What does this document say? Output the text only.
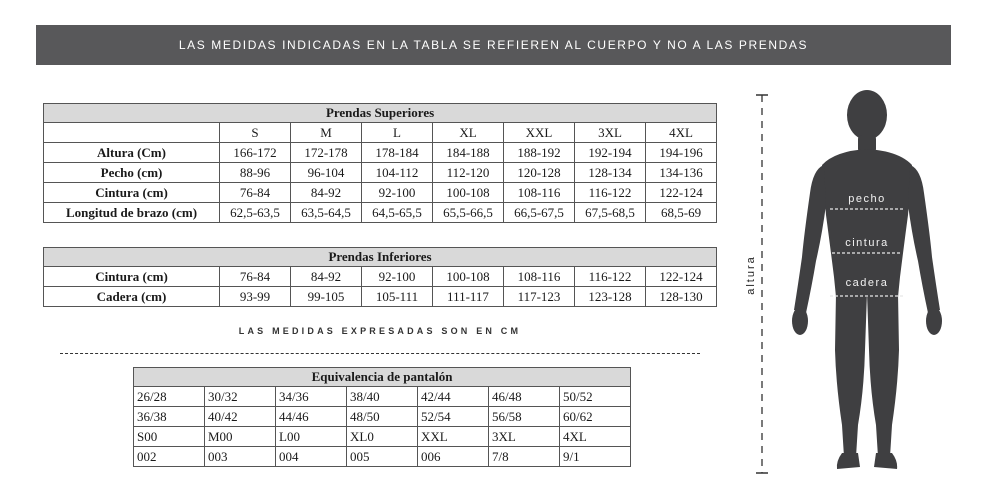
LAS MEDIDAS INDICADAS EN LA TABLA SE REFIEREN AL CUERPO Y NO A LAS PRENDAS
Prendas Superiores							
	S	M	L	XL	XXL	3XL	4XL
Altura (Cm)	166-172	172-178	178-184	184-188	188-192	192-194	194-196
Pecho (cm)	88-96	96-104	104-112	112-120	120-128	128-134	134-136
Cintura (cm)	76-84	84-92	92-100	100-108	108-116	116-122	122-124
Longitud de brazo (cm)	62,5-63,5	63,5-64,5	64,5-65,5	65,5-66,5	66,5-67,5	67,5-68,5	68,5-69
Prendas Inferiores							
Cintura (cm)	76-84	84-92	92-100	100-108	108-116	116-122	122-124
Cadera (cm)	93-99	99-105	105-111	111-117	117-123	123-128	128-130
LAS MEDIDAS EXPRESADAS SON EN CM
Equivalencia de pantalón						
26/28	30/32	34/36	38/40	42/44	46/48	50/52
36/38	40/42	44/46	48/50	52/54	56/58	60/62
S00	M00	L00	XL0	XXL	3XL	4XL
002	003	004	005	006	7/8	9/1
altura
pecho
cintura
cadera
